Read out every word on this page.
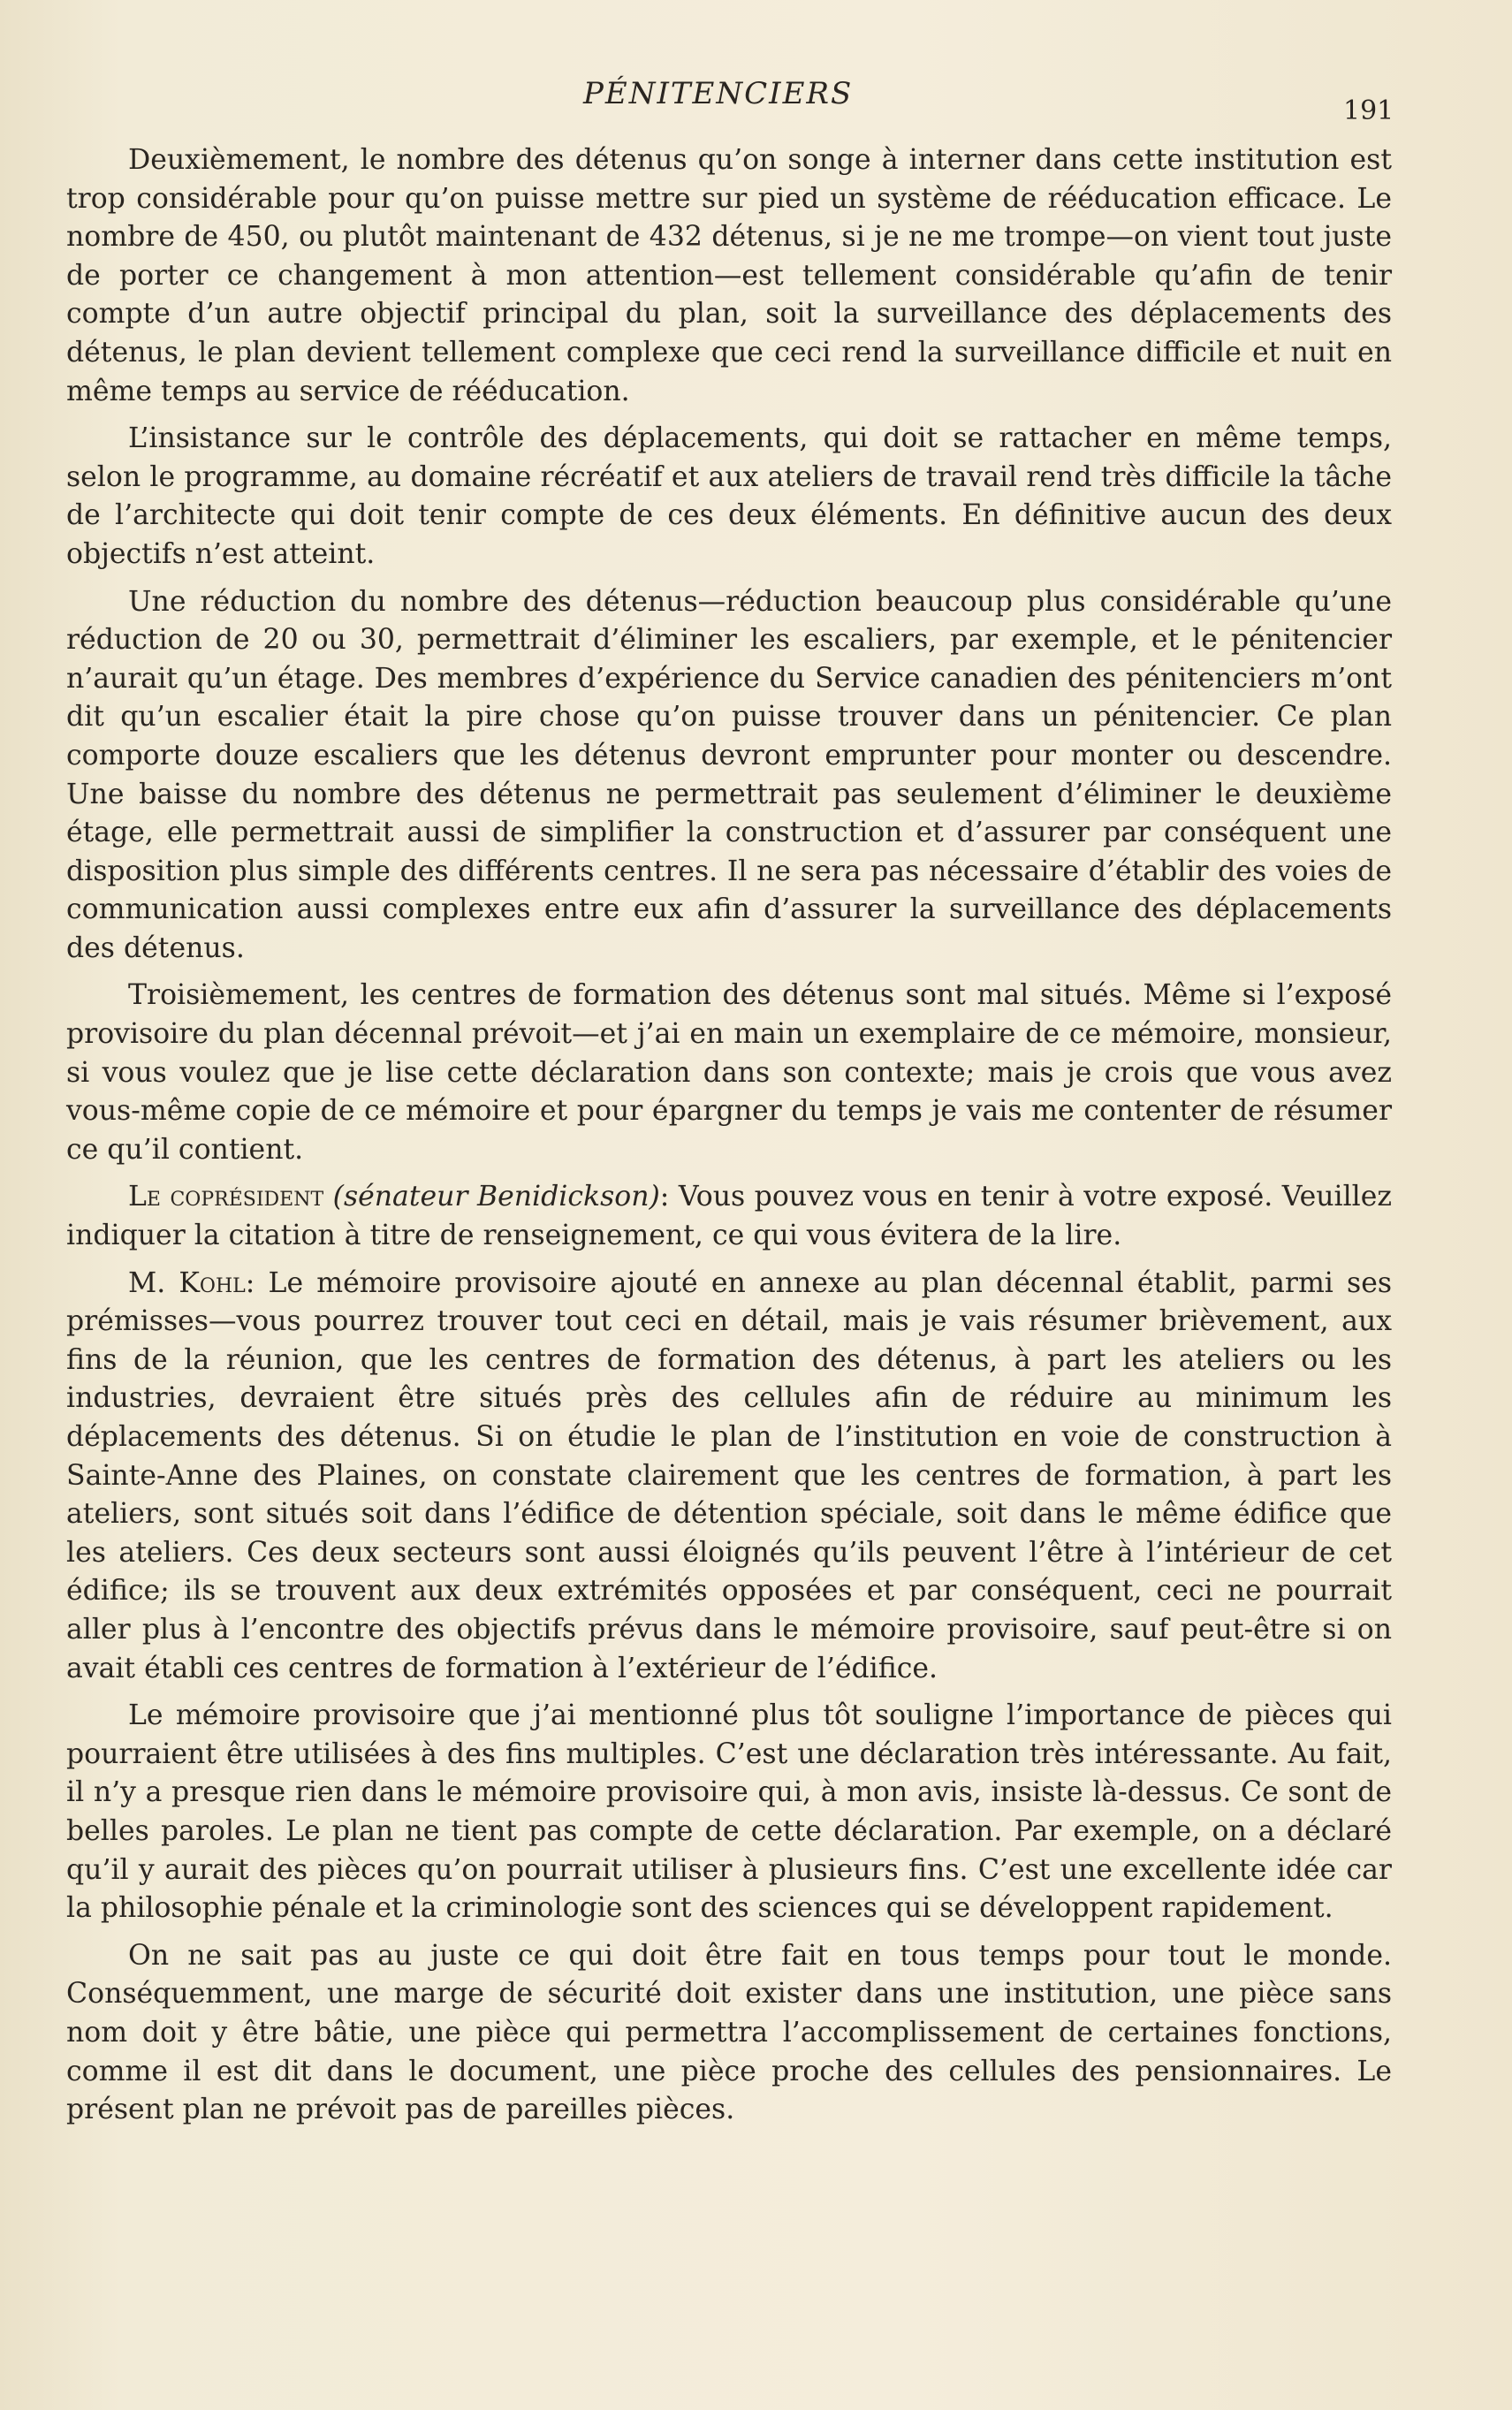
PÉNITENCIERS	191

Deuxièmement, le nombre des détenus qu’on songe à interner dans cette institution est trop considérable pour qu’on puisse mettre sur pied un système de rééducation efficace. Le nombre de 450, ou plutôt maintenant de 432 détenus, si je ne me trompe—on vient tout juste de porter ce changement à mon attention—est tellement considérable qu’afin de tenir compte d’un autre objectif principal du plan, soit la surveillance des déplacements des détenus, le plan devient tellement complexe que ceci rend la surveillance difficile et nuit en même temps au service de rééducation.

L’insistance sur le contrôle des déplacements, qui doit se rattacher en même temps, selon le programme, au domaine récréatif et aux ateliers de travail rend très difficile la tâche de l’architecte qui doit tenir compte de ces deux éléments. En définitive aucun des deux objectifs n’est atteint.

Une réduction du nombre des détenus—réduction beaucoup plus considérable qu’une réduction de 20 ou 30, permettrait d’éliminer les escaliers, par exemple, et le pénitencier n’aurait qu’un étage. Des membres d’expérience du Service canadien des pénitenciers m’ont dit qu’un escalier était la pire chose qu’on puisse trouver dans un pénitencier. Ce plan comporte douze escaliers que les détenus devront emprunter pour monter ou descendre. Une baisse du nombre des détenus ne permettrait pas seulement d’éliminer le deuxième étage, elle permettrait aussi de simplifier la construction et d’assurer par conséquent une disposition plus simple des différents centres. Il ne sera pas nécessaire d’établir des voies de communication aussi complexes entre eux afin d’assurer la surveillance des déplacements des détenus.

Troisièmement, les centres de formation des détenus sont mal situés. Même si l’exposé provisoire du plan décennal prévoit—et j’ai en main un exemplaire de ce mémoire, monsieur, si vous voulez que je lise cette déclaration dans son contexte; mais je crois que vous avez vous-même copie de ce mémoire et pour épargner du temps je vais me contenter de résumer ce qu’il contient.

Le coprésident (sénateur Benidickson): Vous pouvez vous en tenir à votre exposé. Veuillez indiquer la citation à titre de renseignement, ce qui vous évitera de la lire.

M. Kohl: Le mémoire provisoire ajouté en annexe au plan décennal établit, parmi ses prémisses—vous pourrez trouver tout ceci en détail, mais je vais résumer brièvement, aux fins de la réunion, que les centres de formation des détenus, à part les ateliers ou les industries, devraient être situés près des cellules afin de réduire au minimum les déplacements des détenus. Si on étudie le plan de l’institution en voie de construction à Sainte-Anne des Plaines, on constate clairement que les centres de formation, à part les ateliers, sont situés soit dans l’édifice de détention spéciale, soit dans le même édifice que les ateliers. Ces deux secteurs sont aussi éloignés qu’ils peuvent l’être à l’intérieur de cet édifice; ils se trouvent aux deux extrémités opposées et par conséquent, ceci ne pourrait aller plus à l’encontre des objectifs prévus dans le mémoire provisoire, sauf peut-être si on avait établi ces centres de formation à l’extérieur de l’édifice.

Le mémoire provisoire que j’ai mentionné plus tôt souligne l’importance de pièces qui pourraient être utilisées à des fins multiples. C’est une déclaration très intéressante. Au fait, il n’y a presque rien dans le mémoire provisoire qui, à mon avis, insiste là-dessus. Ce sont de belles paroles. Le plan ne tient pas compte de cette déclaration. Par exemple, on a déclaré qu’il y aurait des pièces qu’on pourrait utiliser à plusieurs fins. C’est une excellente idée car la philosophie pénale et la criminologie sont des sciences qui se développent rapidement.

On ne sait pas au juste ce qui doit être fait en tous temps pour tout le monde. Conséquemment, une marge de sécurité doit exister dans une institution, une pièce sans nom doit y être bâtie, une pièce qui permettra l’accomplissement de certaines fonctions, comme il est dit dans le document, une pièce proche des cellules des pensionnaires. Le présent plan ne prévoit pas de pareilles pièces.
